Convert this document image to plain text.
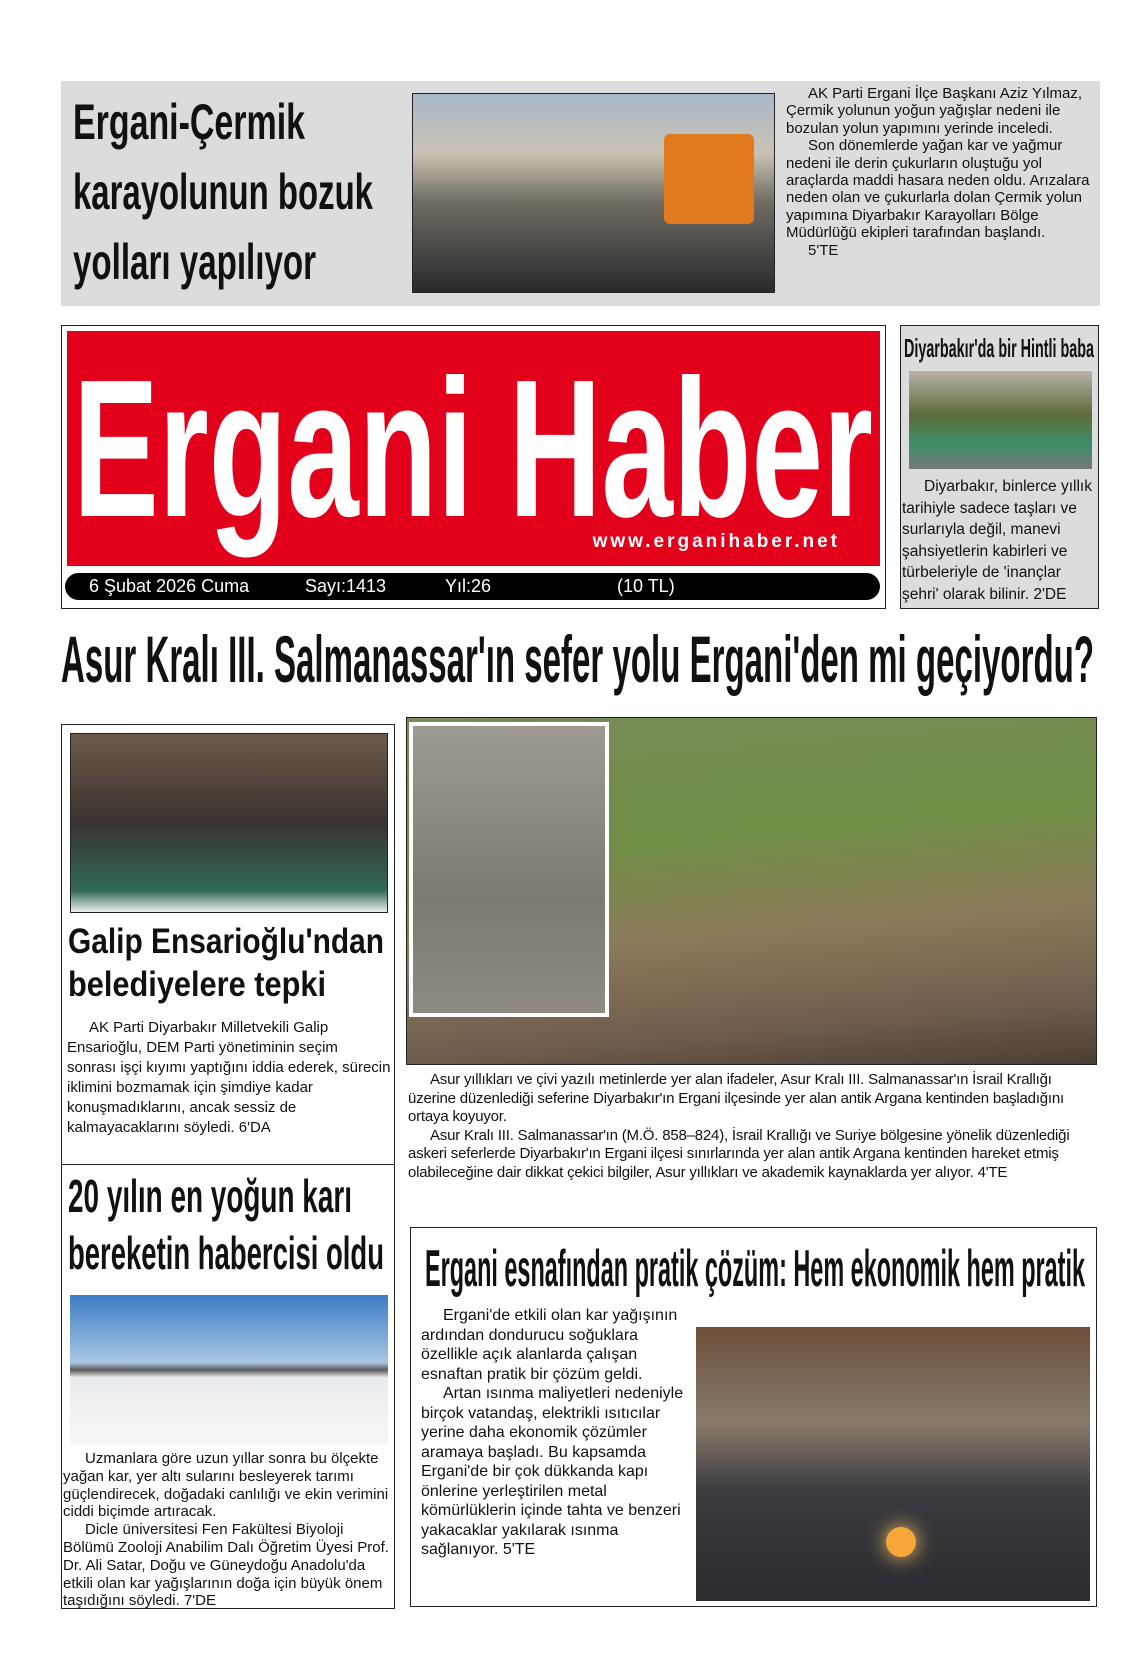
Ergani-Çermik
karayolunun bozuk
yolları yapılıyor

AK Parti Ergani İlçe Başkanı Aziz Yılmaz, Çermik yolunun yoğun yağışlar nedeni ile bozulan yolun yapımını yerinde inceledi.

Son dönemlerde yağan kar ve yağmur nedeni ile derin çukurların oluştuğu yol araçlarda maddi hasara neden oldu. Arızalara neden olan ve çukurlarla dolan Çermik yolun yapımına Diyarbakır Karayolları Bölge Müdürlüğü ekipleri tarafından başlandı.

5'TE

Ergani Haber
www.erganihaber.net
6 Şubat 2026 Cuma	Sayı:1413	Yıl:26	(10 TL)
Diyarbakır'da bir Hintli baba

Diyarbakır, binlerce yıllık tarihiyle sadece taşları ve surlarıyla değil, manevi şahsiyetlerin kabirleri ve türbeleriyle de 'inançlar şehri' olarak bilinir. 2'DE

Asur Kralı III. Salmanassar'ın sefer yolu Ergani'den mi geçiyordu?
Galip Ensarioğlu'ndan
belediyelere tepki

AK Parti Diyarbakır Milletvekili Galip Ensarioğlu, DEM Parti yönetiminin seçim sonrası işçi kıyımı yaptığını iddia ederek, sürecin iklimini bozmamak için şimdiye kadar konuşmadıklarını, ancak sessiz de kalmayacaklarını söyledi. 6'DA

20 yılın en yoğun karı
bereketin habercisi oldu

Uzmanlara göre uzun yıllar sonra bu ölçekte yağan kar, yer altı sularını besleyerek tarımı güçlendirecek, doğadaki canlılığı ve ekin verimini ciddi biçimde artıracak.

Dicle üniversitesi Fen Fakültesi Biyoloji Bölümü Zooloji Anabilim Dalı Öğretim Üyesi Prof. Dr. Ali Satar, Doğu ve Güneydoğu Anadolu'da etkili olan kar yağışlarının doğa için büyük önem taşıdığını söyledi. 7'DE

Asur yıllıkları ve çivi yazılı metinlerde yer alan ifadeler, Asur Kralı III. Salmanassar'ın İsrail Krallığı üzerine düzenlediği seferine Diyarbakır'ın Ergani ilçesinde yer alan antik Argana kentinden başladığını ortaya koyuyor.

Asur Kralı III. Salmanassar'ın (M.Ö. 858–824), İsrail Krallığı ve Suriye bölgesine yönelik düzenlediği askeri seferlerde Diyarbakır'ın Ergani ilçesi sınırlarında yer alan antik Argana kentinden hareket etmiş olabileceğine dair dikkat çekici bilgiler, Asur yıllıkları ve akademik kaynaklarda yer alıyor. 4'TE

Ergani esnafından pratik çözüm: Hem ekonomik hem pratik

Ergani'de etkili olan kar yağışının ardından dondurucu soğuklara özellikle açık alanlarda çalışan esnaftan pratik bir çözüm geldi.

Artan ısınma maliyetleri nedeniyle birçok vatandaş, elektrikli ısıtıcılar yerine daha ekonomik çözümler aramaya başladı. Bu kapsamda Ergani'de bir çok dükkanda kapı önlerine yerleştirilen metal kömürlüklerin içinde tahta ve benzeri yakacaklar yakılarak ısınma sağlanıyor. 5'TE
